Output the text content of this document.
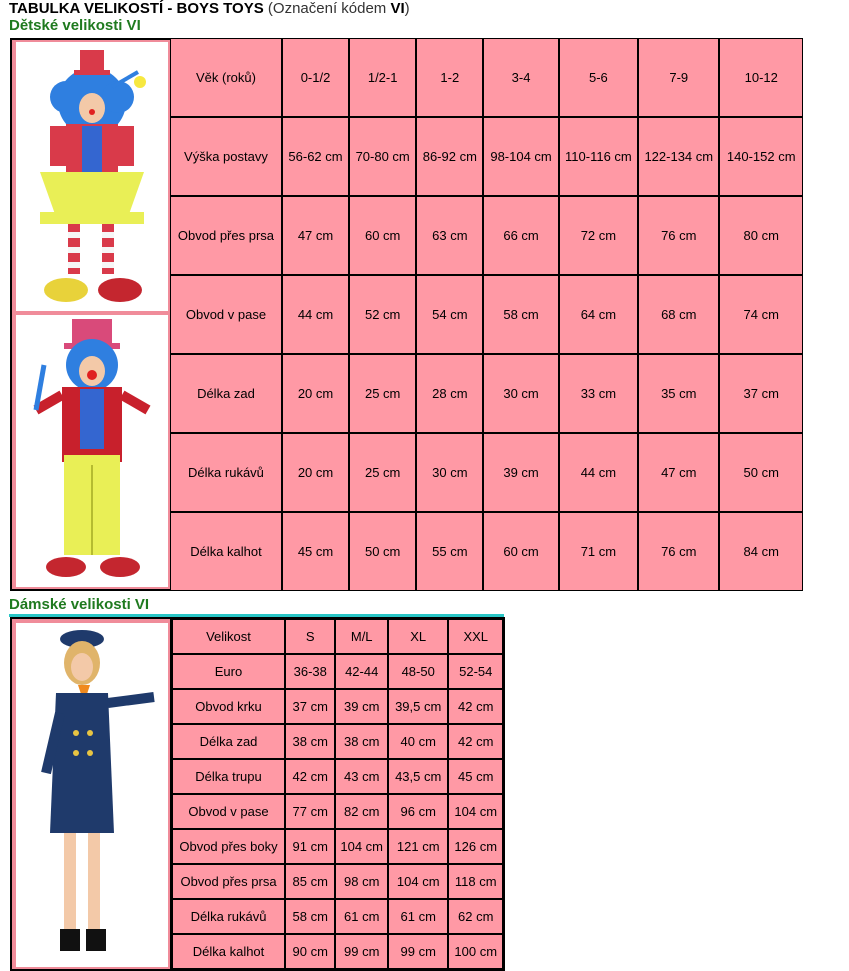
TABULKA VELIKOSTÍ - BOYS TOYS (Označení kódem VI)
Dětské velikosti VI
Věk (roků)	0-1/2	1/2-1	1-2	3-4	5-6	7-9	10-12
Výška postavy	56-62 cm	70-80 cm	86-92 cm	98-104 cm	110-116 cm	122-134 cm	140-152 cm
Obvod přes prsa	47 cm	60 cm	63 cm	66 cm	72 cm	76 cm	80 cm
Obvod v pase	44 cm	52 cm	54 cm	58 cm	64 cm	68 cm	74 cm
Délka zad	20 cm	25 cm	28 cm	30 cm	33 cm	35 cm	37 cm
Délka rukávů	20 cm	25 cm	30 cm	39 cm	44 cm	47 cm	50 cm
Délka kalhot	45 cm	50 cm	55 cm	60 cm	71 cm	76 cm	84 cm
Dámské velikosti VI
Velikost	S	M/L	XL	XXL
Euro	36-38	42-44	48-50	52-54
Obvod krku	37 cm	39 cm	39,5 cm	42 cm
Délka zad	38 cm	38 cm	40 cm	42 cm
Délka trupu	42 cm	43 cm	43,5 cm	45 cm
Obvod v pase	77 cm	82 cm	96 cm	104 cm
Obvod přes boky	91 cm	104 cm	121 cm	126 cm
Obvod přes prsa	85 cm	98 cm	104 cm	118 cm
Délka rukávů	58 cm	61 cm	61 cm	62 cm
Délka kalhot	90 cm	99 cm	99 cm	100 cm
